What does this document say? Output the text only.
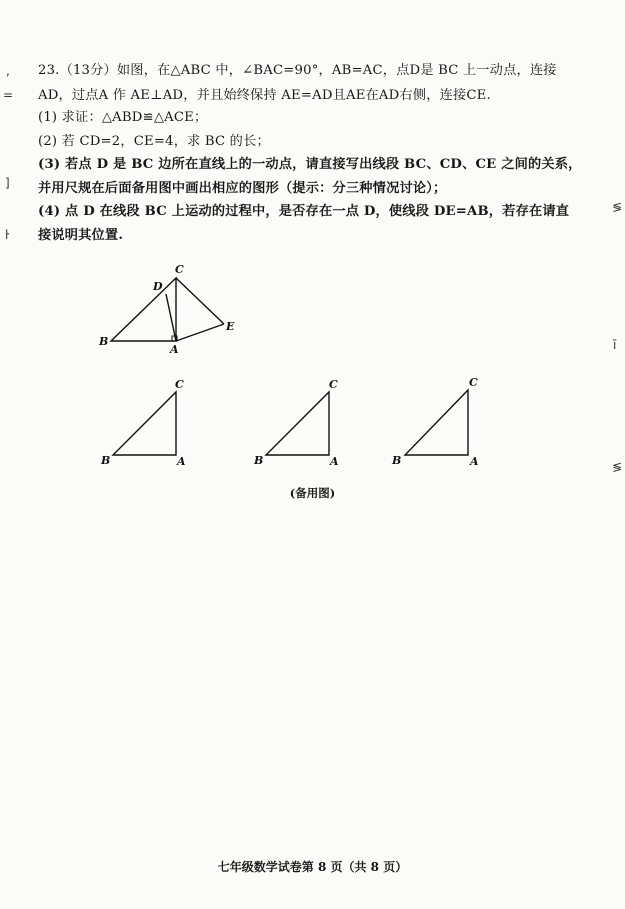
,
=
]
ŀ
≶
ī
≶
23.（13分）如图，在△ABC 中，∠BAC=90°，AB=AC，点D是 BC 上一动点，连接
AD，过点A 作 AE⊥AD，并且始终保持 AE=AD且AE在AD右侧，连接CE.
(1) 求证：△ABD≌△ACE；
(2) 若 CD=2，CE=4，求 BC 的长；
(3) 若点 D 是 BC 边所在直线上的一动点，请直接写出线段 BC、CD、CE 之间的关系，
并用尺规在后面备用图中画出相应的图形（提示：分三种情况讨论）；
(4) 点 D 在线段 BC 上运动的过程中，是否存在一点 D，使线段 DE=AB，若存在请直
接说明其位置.
B
A
C
D
E
B	A
C
B	A
C
B	A
C
(备用图)
七年级数学试卷第 8 页（共 8 页）
